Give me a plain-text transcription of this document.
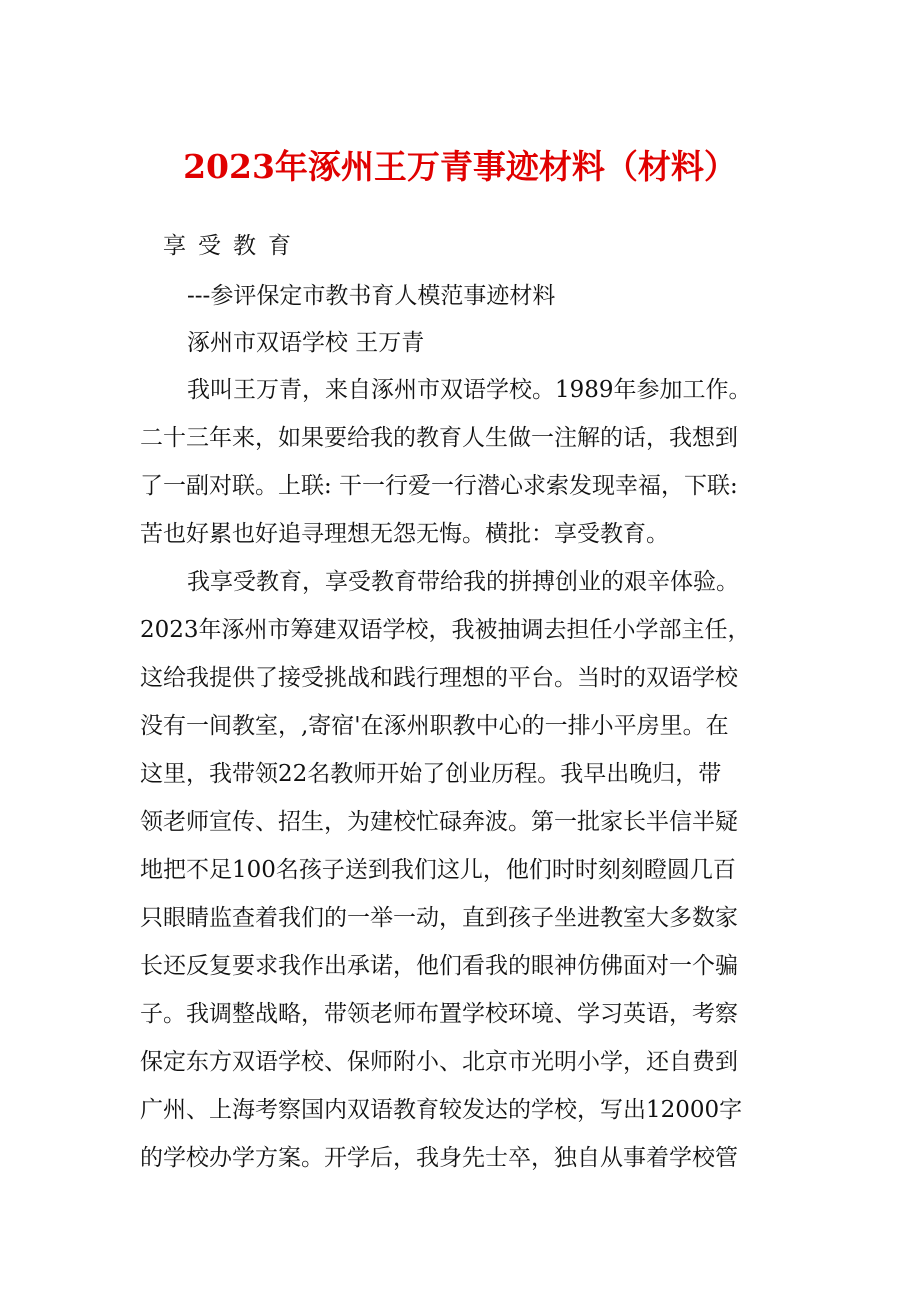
2023年涿州王万青事迹材料（材料）
享受教育
---参评保定市教书育人模范事迹材料
涿州市双语学校 王万青
我叫王万青，来自涿州市双语学校。1989年参加工作。
二十三年来，如果要给我的教育人生做一注解的话，我想到
了一副对联。上联: 干一行爱一行潜心求索发现幸福，下联:
苦也好累也好追寻理想无怨无悔。横批：享受教育。
我享受教育，享受教育带给我的拼搏创业的艰辛体验。
2023年涿州市筹建双语学校，我被抽调去担任小学部主任，
这给我提供了接受挑战和践行理想的平台。当时的双语学校
没有一间教室，,寄宿'在涿州职教中心的一排小平房里。在
这里，我带领22名教师开始了创业历程。我早出晚归，带
领老师宣传、招生，为建校忙碌奔波。第一批家长半信半疑
地把不足100名孩子送到我们这儿，他们时时刻刻瞪圆几百
只眼睛监查着我们的一举一动，直到孩子坐进教室大多数家
长还反复要求我作出承诺，他们看我的眼神仿佛面对一个骗
子。我调整战略，带领老师布置学校环境、学习英语，考察
保定东方双语学校、保师附小、北京市光明小学，还自费到
广州、上海考察国内双语教育较发达的学校，写出12000字
的学校办学方案。开学后，我身先士卒，独自从事着学校管
